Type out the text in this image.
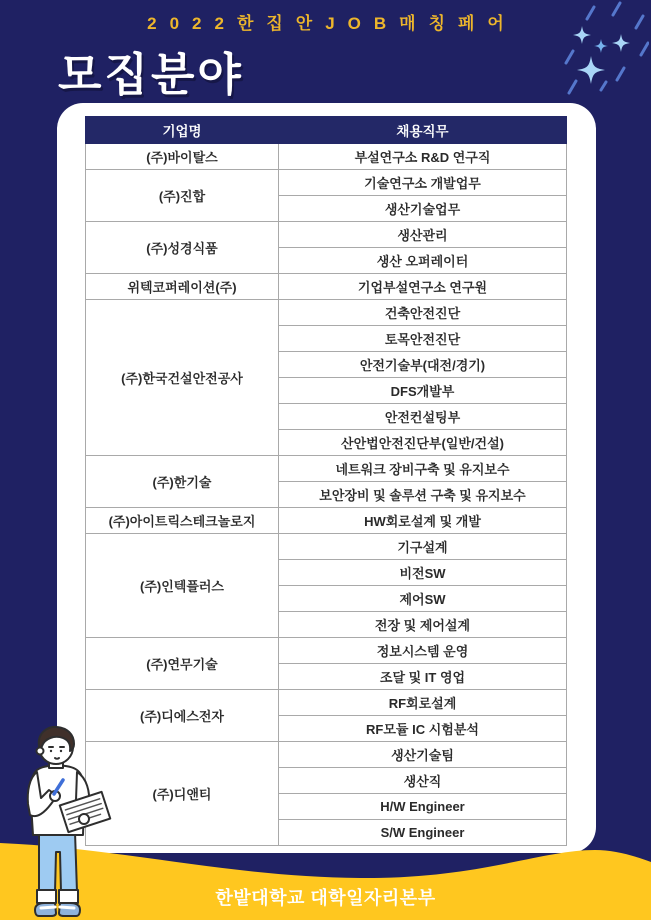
2022한집안JOB매칭페어
모집분야
기업명	채용직무
(주)바이탈스	부설연구소 R&D 연구직
(주)진합	기술연구소 개발업무
	생산기술업무
(주)성경식품	생산관리
	생산 오퍼레이터
위텍코퍼레이션(주)	기업부설연구소 연구원
(주)한국건설안전공사	건축안전진단
	토목안전진단
	안전기술부(대전/경기)
	DFS개발부
	안전컨설팅부
	산안법안전진단부(일반/건설)
(주)한기술	네트워크 장비구축 및 유지보수
	보안장비 및 솔루션 구축 및 유지보수
(주)아이트릭스테크놀로지	HW회로설계 및 개발
(주)인텍플러스	기구설계
	비전SW
	제어SW
	전장 및 제어설계
(주)연무기술	정보시스템 운영
	조달 및 IT 영업
(주)디에스전자	RF회로설계
	RF모듈 IC 시험분석
(주)디앤티	생산기술팀
	생산직
	H/W Engineer
	S/W Engineer
한밭대학교 대학일자리본부
